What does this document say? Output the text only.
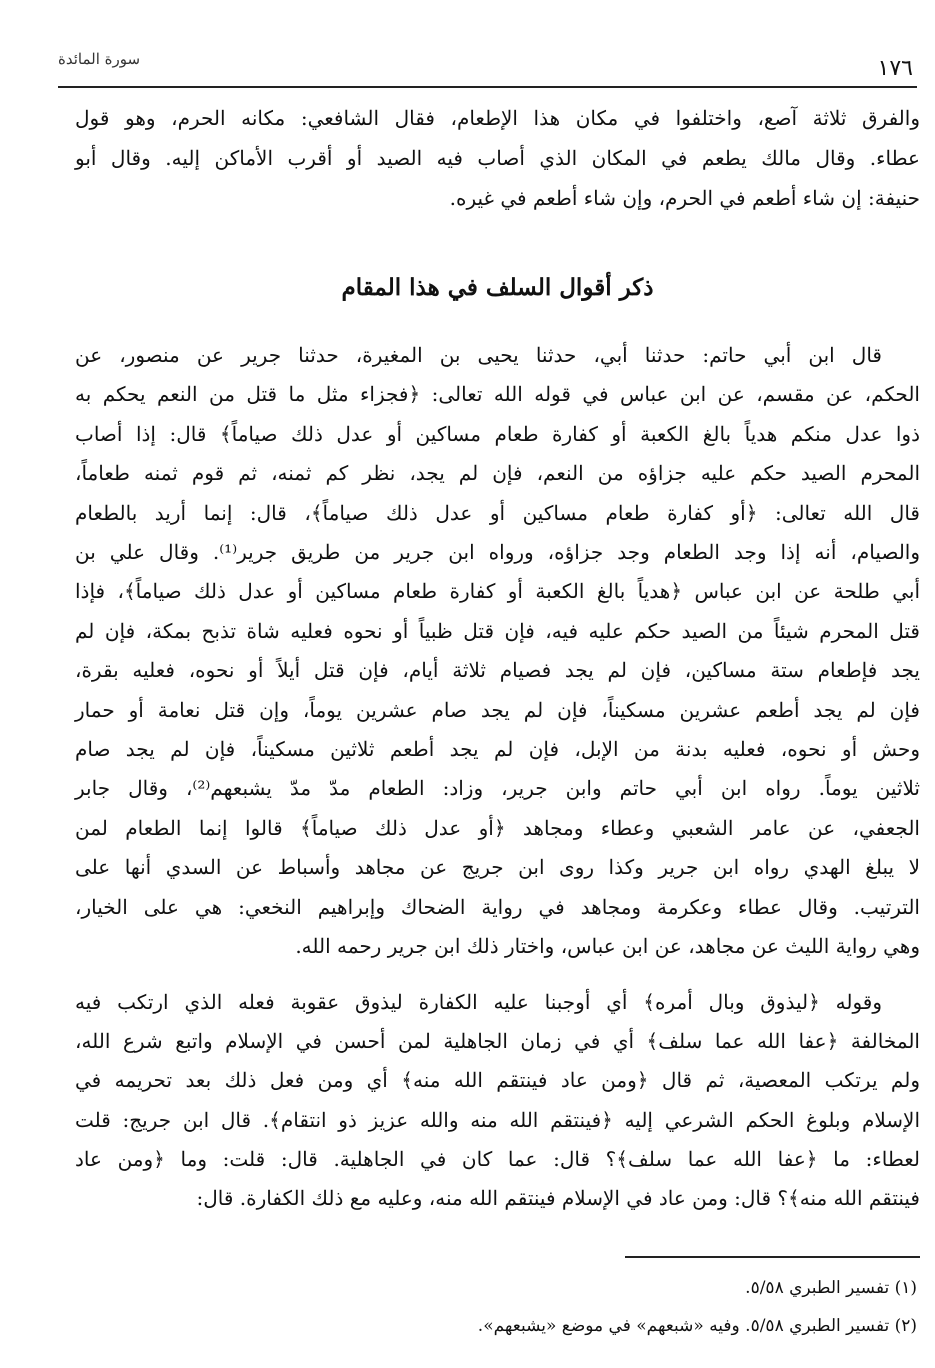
سورة المائدة	١٧٦
والفرق ثلاثة آصع، واختلفوا في مكان هذا الإطعام، فقال الشافعي: مكانه الحرم، وهو قول
عطاء. وقال مالك يطعم في المكان الذي أصاب فيه الصيد أو أقرب الأماكن إليه. وقال أبو
حنيفة: إن شاء أطعم في الحرم، وإن شاء أطعم في غيره.
ذكر أقوال السلف في هذا المقام
قال ابن أبي حاتم: حدثنا أبي، حدثنا يحيى بن المغيرة، حدثنا جرير عن منصور، عن
الحكم، عن مقسم، عن ابن عباس في قوله الله تعالى: ﴿فجزاء مثل ما قتل من النعم يحكم به
ذوا عدل منكم هدياً بالغ الكعبة أو كفارة طعام مساكين أو عدل ذلك صياماً﴾ قال: إذا أصاب
المحرم الصيد حكم عليه جزاؤه من النعم، فإن لم يجد، نظر كم ثمنه، ثم قوم ثمنه طعاماً،
قال الله تعالى: ﴿أو كفارة طعام مساكين أو عدل ذلك صياماً﴾، قال: إنما أريد بالطعام
والصيام، أنه إذا وجد الطعام وجد جزاؤه، ورواه ابن جرير من طريق جرير⁽¹⁾. وقال علي بن
أبي طلحة عن ابن عباس ﴿هدياً بالغ الكعبة أو كفارة طعام مساكين أو عدل ذلك صياماً﴾، فإذا
قتل المحرم شيئاً من الصيد حكم عليه فيه، فإن قتل ظبياً أو نحوه فعليه شاة تذبح بمكة، فإن لم
يجد فإطعام ستة مساكين، فإن لم يجد فصيام ثلاثة أيام، فإن قتل أيلاً أو نحوه، فعليه بقرة،
فإن لم يجد أطعم عشرين مسكيناً، فإن لم يجد صام عشرين يوماً، وإن قتل نعامة أو حمار
وحش أو نحوه، فعليه بدنة من الإبل، فإن لم يجد أطعم ثلاثين مسكيناً، فإن لم يجد صام
ثلاثين يوماً. رواه ابن أبي حاتم وابن جرير، وزاد: الطعام مدّ مدّ يشبعهم⁽²⁾، وقال جابر
الجعفي، عن عامر الشعبي وعطاء ومجاهد ﴿أو عدل ذلك صياماً﴾ قالوا إنما الطعام لمن
لا يبلغ الهدي رواه ابن جرير وكذا روى ابن جريج عن مجاهد وأسباط عن السدي أنها على
الترتيب. وقال عطاء وعكرمة ومجاهد في رواية الضحاك وإبراهيم النخعي: هي على الخيار،
وهي رواية الليث عن مجاهد، عن ابن عباس، واختار ذلك ابن جرير رحمه الله.
وقوله ﴿ليذوق وبال أمره﴾ أي أوجبنا عليه الكفارة ليذوق عقوبة فعله الذي ارتكب فيه
المخالفة ﴿عفا الله عما سلف﴾ أي في زمان الجاهلية لمن أحسن في الإسلام واتبع شرع الله،
ولم يرتكب المعصية، ثم قال ﴿ومن عاد فينتقم الله منه﴾ أي ومن فعل ذلك بعد تحريمه في
الإسلام وبلوغ الحكم الشرعي إليه ﴿فينتقم الله منه والله عزيز ذو انتقام﴾. قال ابن جريج: قلت
لعطاء: ما ﴿عفا الله عما سلف﴾؟ قال: عما كان في الجاهلية. قال: قلت: وما ﴿ومن عاد
فينتقم الله منه﴾؟ قال: ومن عاد في الإسلام فينتقم الله منه، وعليه مع ذلك الكفارة. قال:
(١) تفسير الطبري ٥/٥٨.
(٢) تفسير الطبري ٥/٥٨. وفيه «شبعهم» في موضع «يشبعهم».
